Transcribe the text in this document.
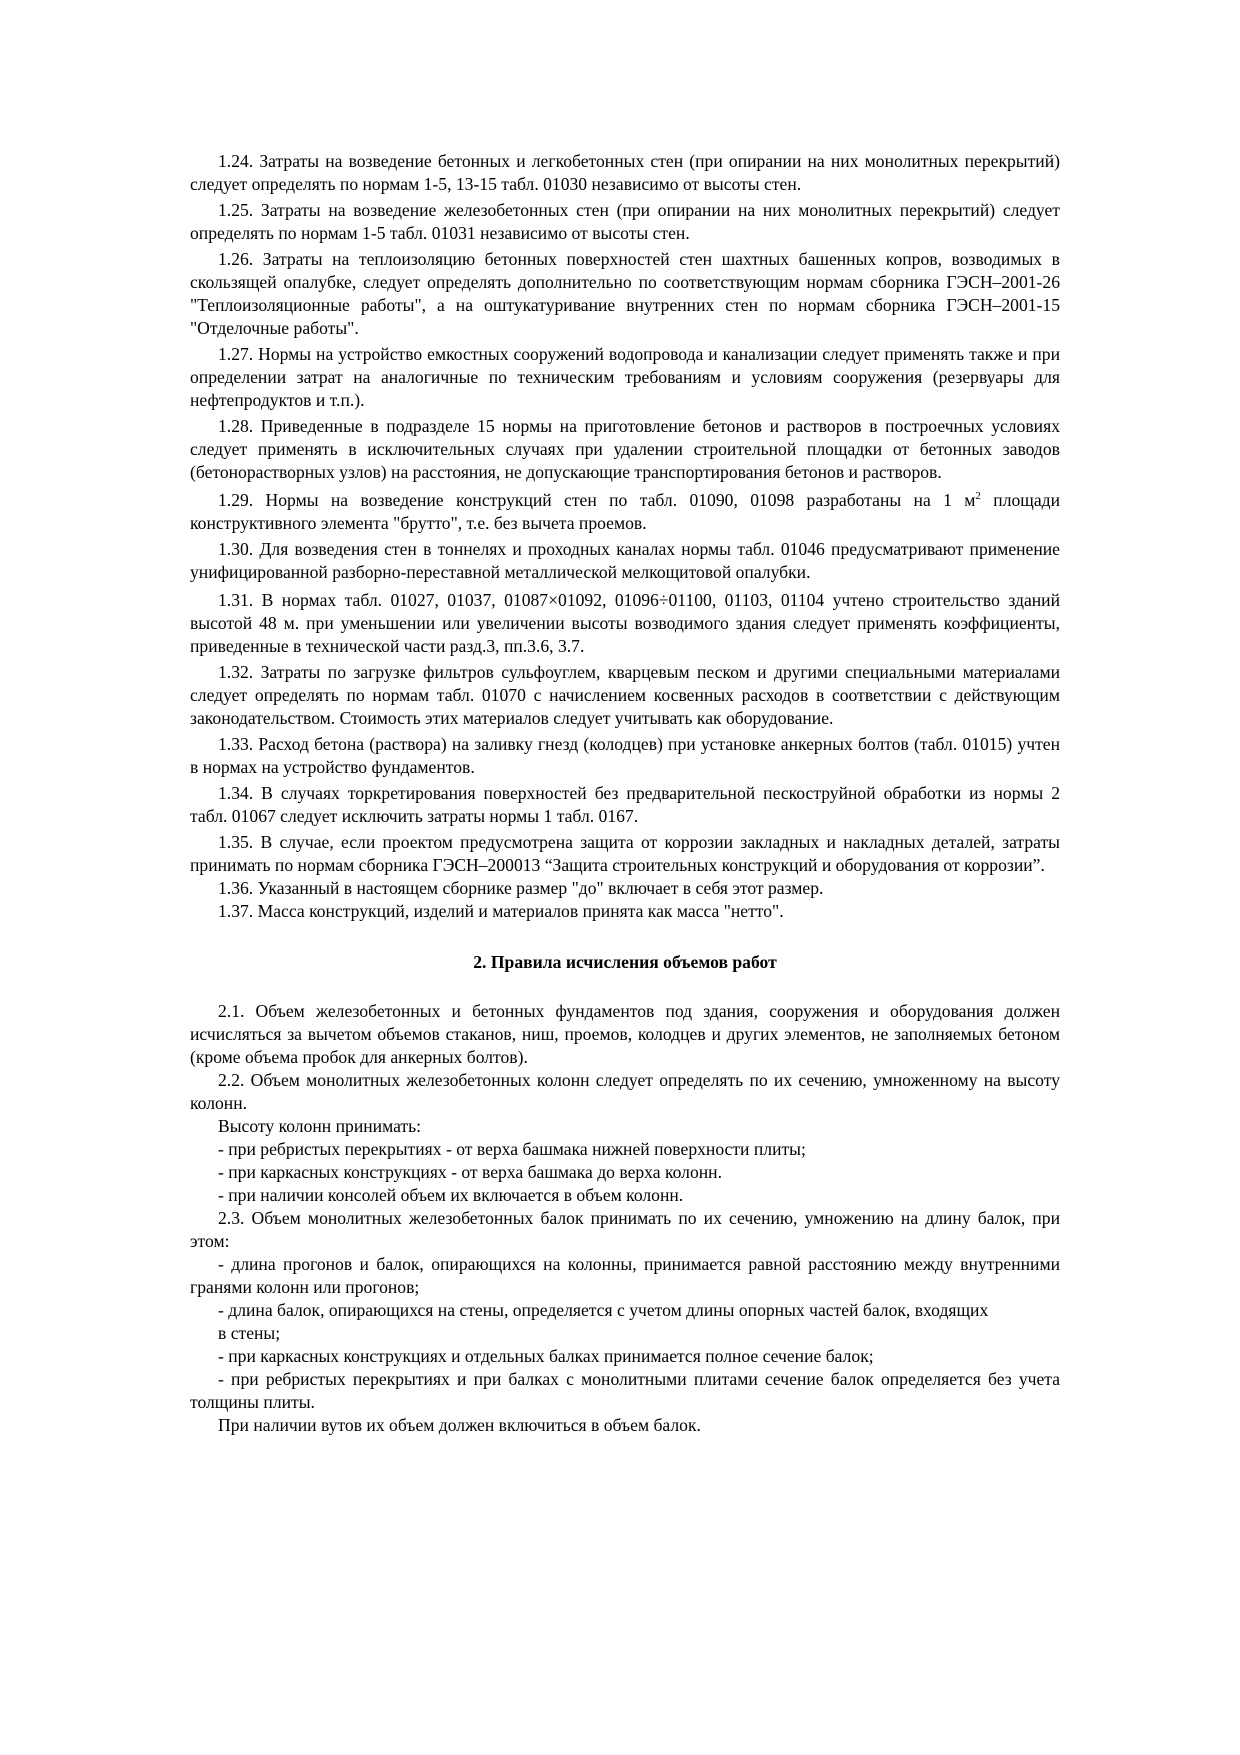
1.24. Затраты на возведение бетонных и легкобетонных стен (при опирании на них монолитных перекрытий) следует определять по нормам 1-5, 13-15 табл. 01030 независимо от высоты стен.

1.25. Затраты на возведение железобетонных стен (при опирании на них монолитных перекрытий) следует определять по нормам 1-5 табл. 01031 независимо от высоты стен.

1.26. Затраты на теплоизоляцию бетонных поверхностей стен шахтных башенных копров, возводимых в скользящей опалубке, следует определять дополнительно по соответствующим нормам сборника ГЭСН–2001-26 "Теплоизоляционные работы", а на оштукатуривание внутренних стен по нормам сборника ГЭСН–2001-15 "Отделочные работы".

1.27. Нормы на устройство емкостных сооружений водопровода и канализации следует применять также и при определении затрат на аналогичные по техническим требованиям и условиям сооружения (резервуары для нефтепродуктов и т.п.).

1.28. Приведенные в подразделе 15 нормы на приготовление бетонов и растворов в построечных условиях следует применять в исключительных случаях при удалении строительной площадки от бетонных заводов (бетонорастворных узлов) на расстояния, не допускающие транспортирования бетонов и растворов.

1.29. Нормы на возведение конструкций стен по табл. 01090, 01098 разработаны на 1 $м^2$ площади конструктивного элемента "брутто", т.е. без вычета проемов.

1.30. Для возведения стен в тоннелях и проходных каналах нормы табл. 01046 предусматривают применение унифицированной разборно-переставной металлической мелкощитовой опалубки.

1.31. В нормах табл. 01027, 01037, 01087×01092, 01096÷01100, 01103, 01104 учтено строительство зданий высотой 48 м. при уменьшении или увеличении высоты возводимого здания следует применять коэффициенты, приведенные в технической части разд.3, пп.3.6, 3.7.

1.32. Затраты по загрузке фильтров сульфоуглем, кварцевым песком и другими специальными материалами следует определять по нормам табл. 01070 с начислением косвенных расходов в соответствии с действующим законодательством. Стоимость этих материалов следует учитывать как оборудование.

1.33. Расход бетона (раствора) на заливку гнезд (колодцев) при установке анкерных болтов (табл. 01015) учтен в нормах на устройство фундаментов.

1.34. В случаях торкретирования поверхностей без предварительной пескоструйной обработки из нормы 2 табл. 01067 следует исключить затраты нормы 1 табл. 0167.

1.35. В случае, если проектом предусмотрена защита от коррозии закладных и накладных деталей, затраты принимать по нормам сборника ГЭСН–200013 “Защита строительных конструкций и оборудования от коррозии”.

1.36. Указанный в настоящем сборнике размер "до" включает в себя этот размер.

1.37. Масса конструкций, изделий и материалов принята как масса "нетто".

2. Правила исчисления объемов работ

2.1. Объем железобетонных и бетонных фундаментов под здания, сооружения и оборудования должен исчисляться за вычетом объемов стаканов, ниш, проемов, колодцев и других элементов, не заполняемых бетоном (кроме объема пробок для анкерных болтов).

2.2. Объем монолитных железобетонных колонн следует определять по их сечению, умноженному на высоту колонн.

Высоту колонн принимать:

- при ребристых перекрытиях - от верха башмака нижней поверхности плиты;

- при каркасных конструкциях - от верха башмака до верха колонн.

- при наличии консолей объем их включается в объем колонн.

2.3. Объем монолитных железобетонных балок принимать по их сечению, умножению на длину балок, при этом:

- длина прогонов и балок, опирающихся на колонны, принимается равной расстоянию между внутренними гранями колонн или прогонов;

- длина балок, опирающихся на стены, определяется с учетом длины опорных частей балок, входящих

в стены;

- при каркасных конструкциях и отдельных балках принимается полное сечение балок;

- при ребристых перекрытиях и при балках с монолитными плитами сечение балок определяется без учета толщины плиты.

При наличии вутов их объем должен включиться в объем балок.
